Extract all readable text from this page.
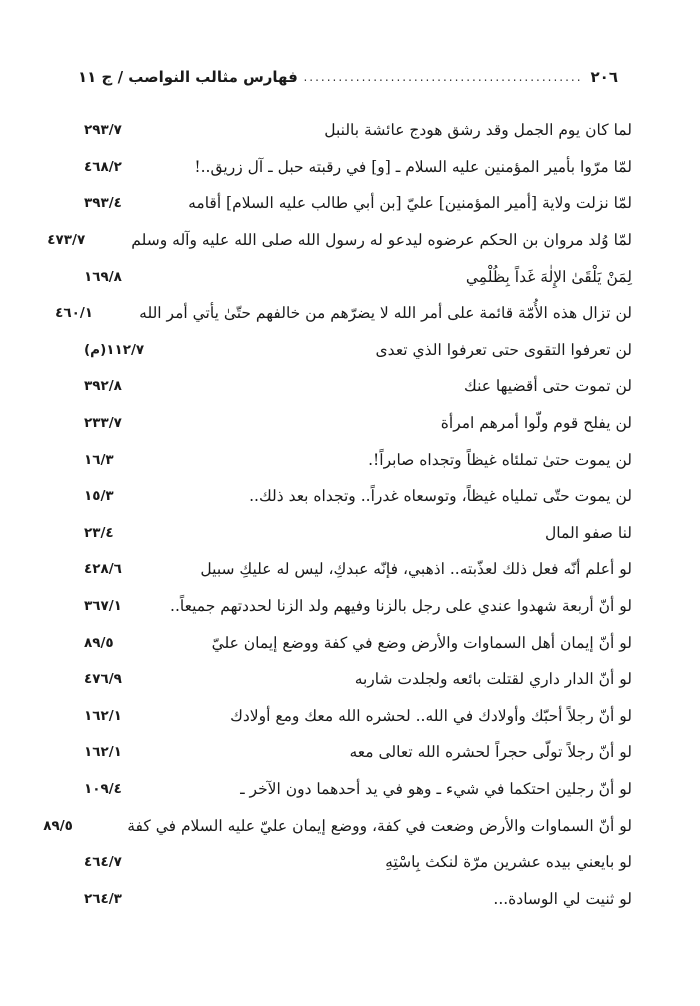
٢٠٦
.....
فهارس مثالب النواصب / ج ١١
لما كان يوم الجمل وقد رشق هودج عائشة بالنبل
٢٩٣/٧
لمّا مرّوا بأمير المؤمنين عليه السلام ـ [و] في رقبته حبل ـ آل زريق..!
٤٦٨/٢
لمّا نزلت ولاية [أمير المؤمنين] عليّ [بن أبي طالب عليه السلام] أقامه
٣٩٣/٤
لمّا وُلد مروان بن الحكم عرضوه ليدعو له رسول الله صلى الله عليه وآله وسلم
٤٧٣/٧
لِمَنْ يَلْقَىٰ الإِلٰهَ غَداً بِظُلْمِي
١٦٩/٨
لن تزال هذه الأُمّة قائمة على أمر الله لا يضرّهم من خالفهم حتّىٰ يأتي أمر الله
٤٦٠/١
لن تعرفوا التقوى حتى تعرفوا الذي تعدى
١١٢/٧(م)
لن تموت حتى أقضيها عنك
٣٩٢/٨
لن يفلح قوم ولّوا أمرهم امرأة
٢٣٣/٧
لن يموت حتىٰ تملئاه غيظاً وتجداه صابراً!.
١٦/٣
لن يموت حتّى تملياه غيظاً، وتوسعاه غدراً.. وتجداه بعد ذلك..
١٥/٣
لنا صفو المال
٢٣/٤
لو أعلم أنّه فعل ذلك لعذّبته.. اذهبي، فإنّه عبدكِ، ليس له عليكِ سبيل
٤٢٨/٦
لو أنّ أربعة شهدوا عندي على رجل بالزنا وفيهم ولد الزنا لحددتهم جميعاً..
٣٦٧/١
لو أنّ إيمان أهل السماوات والأرض وضع في كفة ووضع إيمان عليّ
٨٩/٥
لو أنّ الدار داري لقتلت بائعه ولجلدت شاربه
٤٧٦/٩
لو أنّ رجلاً أحبّك وأولادك في الله.. لحشره الله معك ومع أولادك
١٦٢/١
لو أنّ رجلاً تولّى حجراً لحشره الله تعالى معه
١٦٢/١
لو أنّ رجلين احتكما في شيء ـ وهو في يد أحدهما دون الآخر ـ
١٠٩/٤
لو أنّ السماوات والأرض وضعت في كفة، ووضع إيمان عليّ عليه السلام في كفة
٨٩/٥
لو بايعني بيده عشرين مرّة لنكث بِاسْتِهِ
٤٦٤/٧
لو ثنيت لي الوسادة...
٢٦٤/٣
